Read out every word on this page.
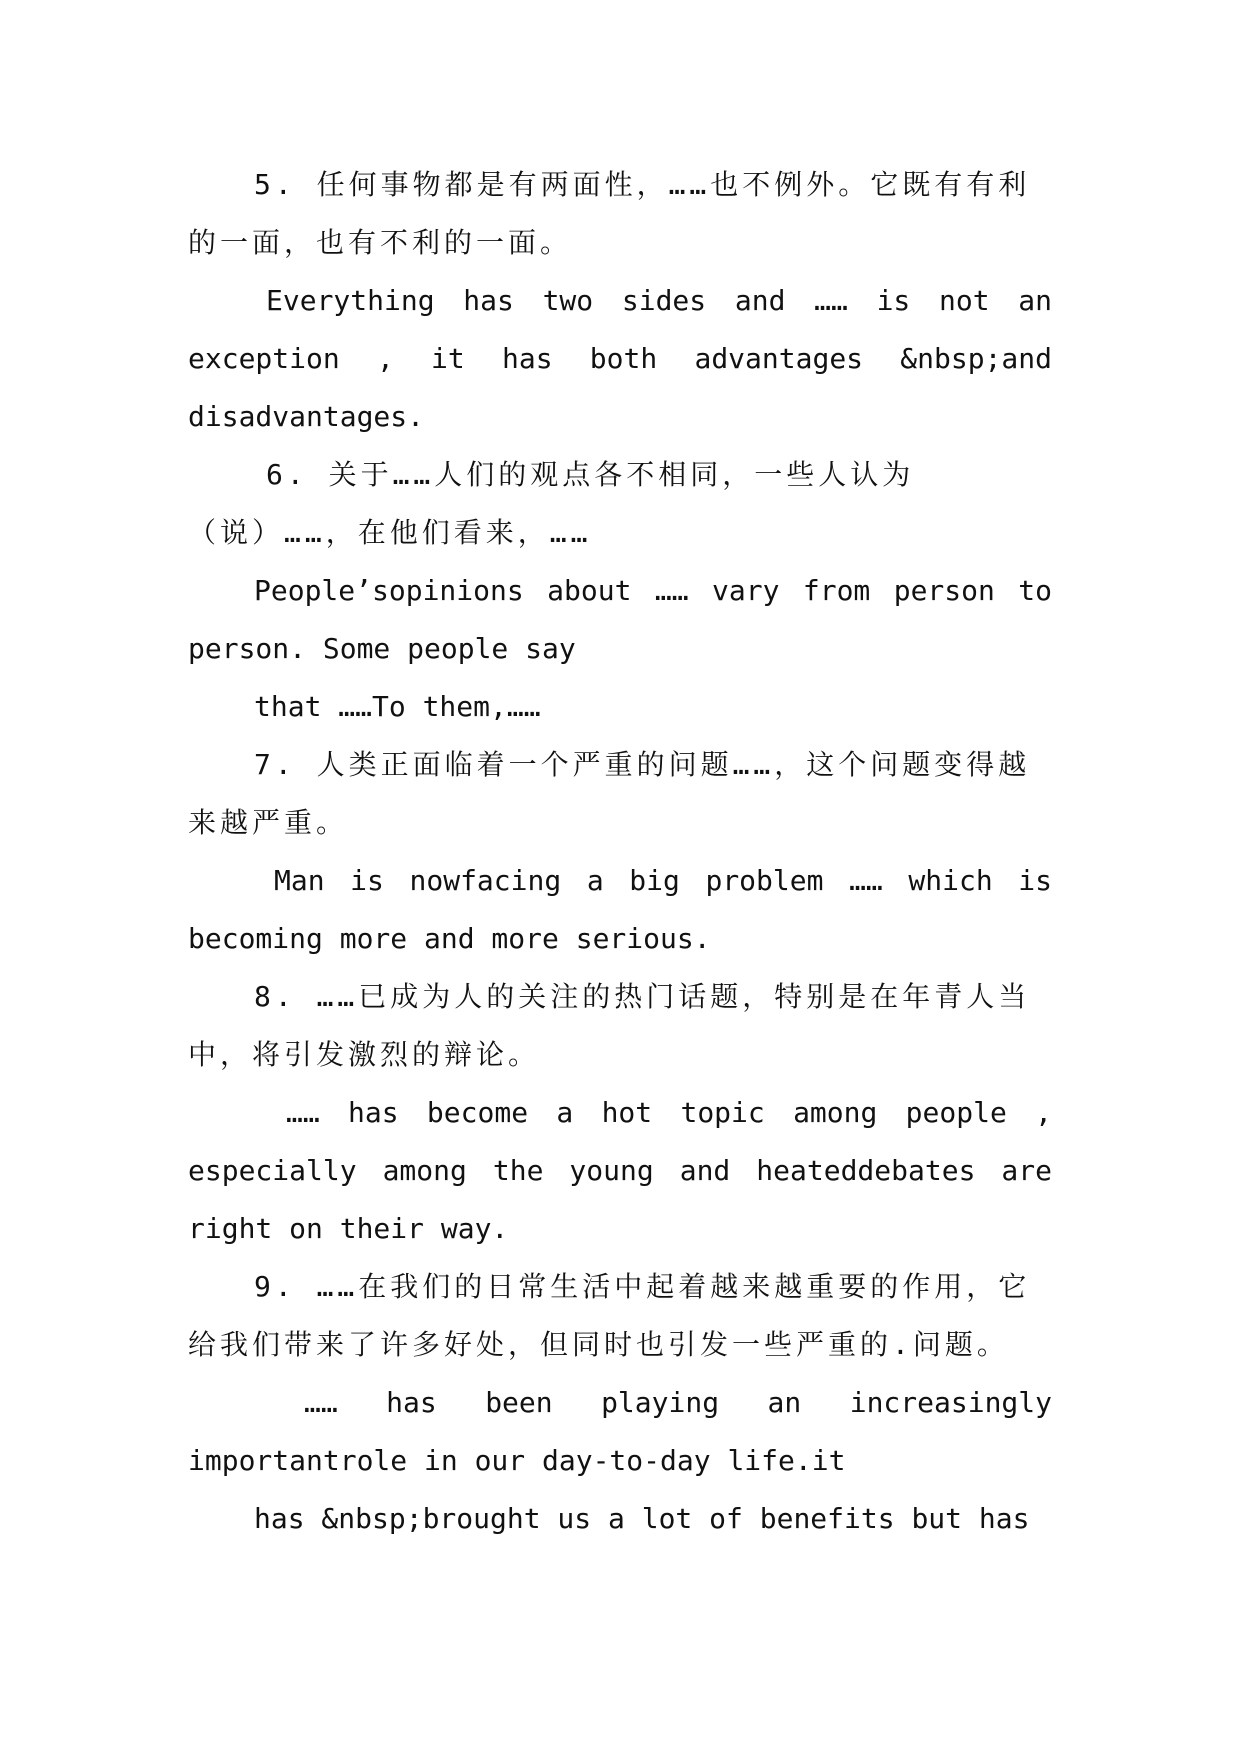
5. 任何事物都是有两面性，……也不例外。它既有有利的一面，也有不利的一面。

Everything has two sides and …… is not an exception , it has both advantages &nbsp;and disadvantages.

6. 关于……人们的观点各不相同，一些人认为（说）……，在他们看来，……

People’sopinions about …… vary from person to person. Some people say

that ……To them,……

7. 人类正面临着一个严重的问题……，这个问题变得越来越严重。

Man is nowfacing a big problem …… which is becoming more and more serious.

8. ……已成为人的关注的热门话题，特别是在年青人当中，将引发激烈的辩论。

…… has become a hot topic among people , especially among the young and heateddebates are right on their way.

9. ……在我们的日常生活中起着越来越重要的作用，它给我们带来了许多好处，但同时也引发一些严重的.问题。

…… has been playing an increasingly importantrole in our day-to-day life.it

has &nbsp;brought us a lot of benefits but has
